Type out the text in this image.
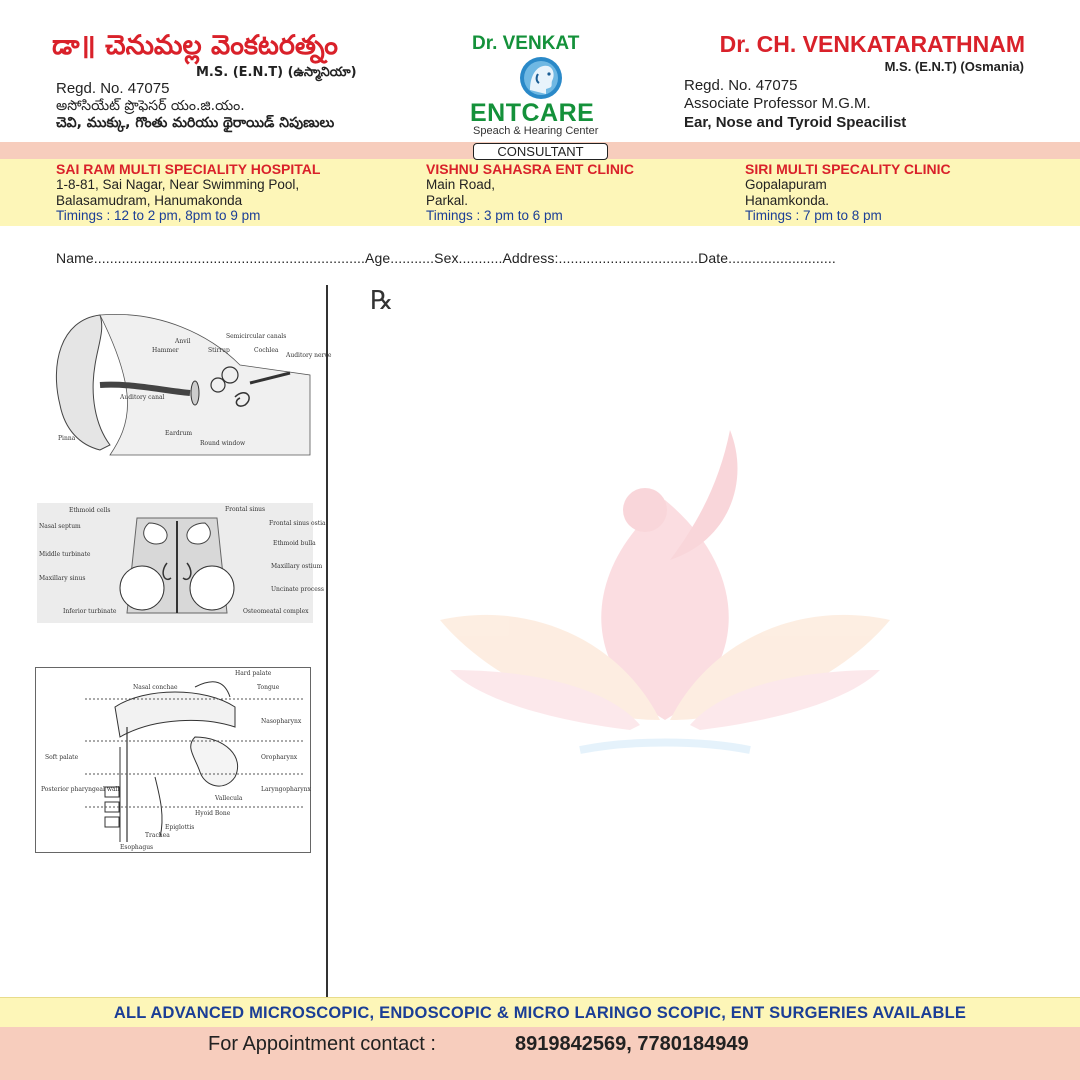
డా॥ చెనుమల్ల వెంకటరత్నం
M.S. (E.N.T) (ఉస్మానియా)
Regd. No. 47075
అసోసియేట్ ప్రొఫెసర్ యం.జి.యం.
చెవి, ముక్కు, గొంతు మరియు థైరాయిడ్ నిపుణులు
Dr. VENKAT
ENTCARE
Speach & Hearing Center
Dr. CH. VENKATARATHNAM
M.S. (E.N.T) (Osmania)
Regd. No. 47075
Associate Professor M.G.M.
Ear, Nose and Tyroid Speacilist
CONSULTANT
SAI RAM MULTI SPECIALITY HOSPITAL
1-8-81, Sai Nagar, Near Swimming Pool,
Balasamudram, Hanumakonda
Timings : 12 to 2 pm, 8pm to 9 pm
VISHNU SAHASRA ENT CLINIC
Main Road,
Parkal.
Timings : 3 pm to 6 pm
SIRI MULTI SPECALITY CLINIC
Gopalapuram
Hanamkonda.
Timings : 7 pm to 8 pm
Name....................................................................Age...........Sex...........Address:...................................Date...........................
℞
Anvil
Hammer	Stirrup
Semicircular canals
Cochlea
Auditory nerve
Auditory canal
Pinna
Eardrum
Round window
Ethmoid cells	Frontal sinus
Nasal septum	Frontal sinus ostia
Ethmoid bulla
Middle turbinate
Maxillary ostium
Maxillary sinus
Uncinate process
Inferior turbinate	Osteomeatal complex
Nasal conchae
Hard palate
Tongue
Nasopharynx
Soft palate	Oropharynx
Posterior pharyngeal wall	Laryngopharynx
Vallecula
Hyoid Bone
Epiglottis
Trachea
Esophagus
ALL ADVANCED MICROSCOPIC, ENDOSCOPIC & MICRO LARINGO SCOPIC, ENT SURGERIES AVAILABLE
For Appointment contact :	8919842569, 7780184949
